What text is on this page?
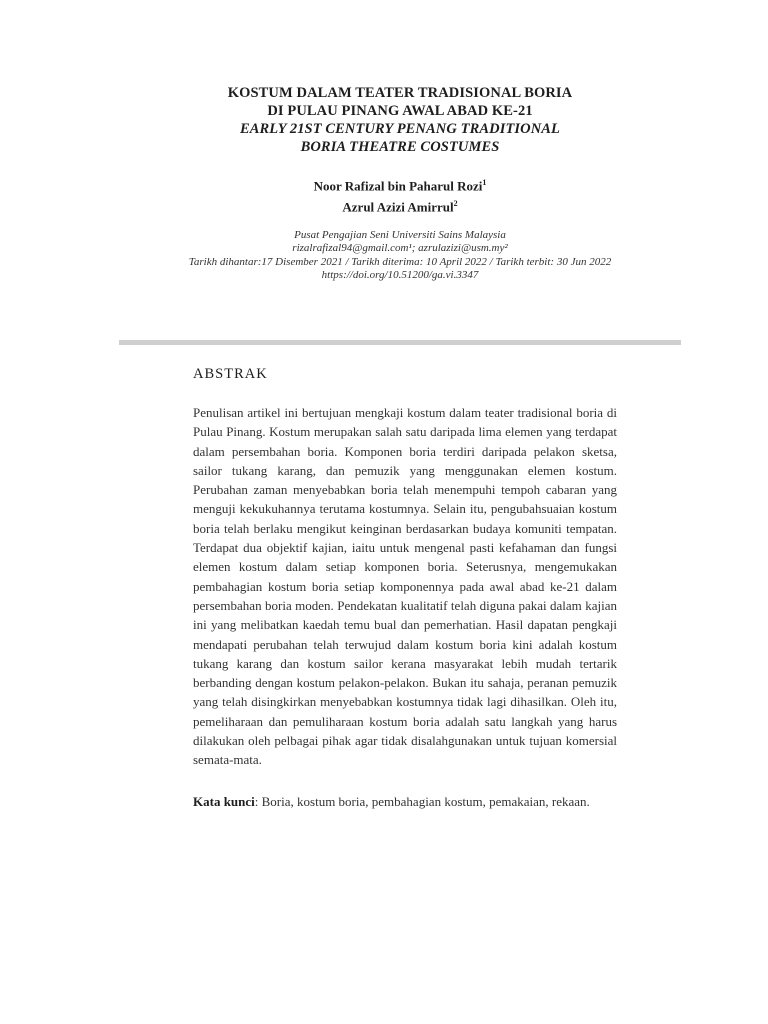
KOSTUM DALAM TEATER TRADISIONAL BORIA
DI PULAU PINANG AWAL ABAD KE-21
EARLY 21ST CENTURY PENANG TRADITIONAL
BORIA THEATRE COSTUMES
Noor Rafizal bin Paharul Rozi$^1$
Azrul Azizi Amirrul$^2$
Pusat Pengajian Seni Universiti Sains Malaysia
rizalrafizal94@gmail.com¹; azrulazizi@usm.my²
Tarikh dihantar:17 Disember 2021 / Tarikh diterima: 10 April 2022 / Tarikh terbit: 30 Jun 2022
https://doi.org/10.51200/ga.vi.3347
ABSTRAK

Penulisan artikel ini bertujuan mengkaji kostum dalam teater tradisional boria di Pulau Pinang. Kostum merupakan salah satu daripada lima elemen yang terdapat dalam persembahan boria. Komponen boria terdiri daripada pelakon sketsa, sailor tukang karang, dan pemuzik yang menggunakan elemen kostum. Perubahan zaman menyebabkan boria telah menempuhi tempoh cabaran yang menguji kekukuhannya terutama kostumnya. Selain itu, pengubahsuaian kostum boria telah berlaku mengikut keinginan berdasarkan budaya komuniti tempatan. Terdapat dua objektif kajian, iaitu untuk mengenal pasti kefahaman dan fungsi elemen kostum dalam setiap komponen boria. Seterusnya, mengemukakan pembahagian kostum boria setiap komponennya pada awal abad ke-21 dalam persembahan boria moden. Pendekatan kualitatif telah diguna pakai dalam kajian ini yang melibatkan kaedah temu bual dan pemerhatian. Hasil dapatan pengkaji mendapati perubahan telah terwujud dalam kostum boria kini adalah kostum tukang karang dan kostum sailor kerana masyarakat lebih mudah tertarik berbanding dengan kostum pelakon-pelakon. Bukan itu sahaja, peranan pemuzik yang telah disingkirkan menyebabkan kostumnya tidak lagi dihasilkan. Oleh itu, pemeliharaan dan pemuliharaan kostum boria adalah satu langkah yang harus dilakukan oleh pelbagai pihak agar tidak disalahgunakan untuk tujuan komersial semata-mata.

Kata kunci: Boria, kostum boria, pembahagian kostum, pemakaian, rekaan.
